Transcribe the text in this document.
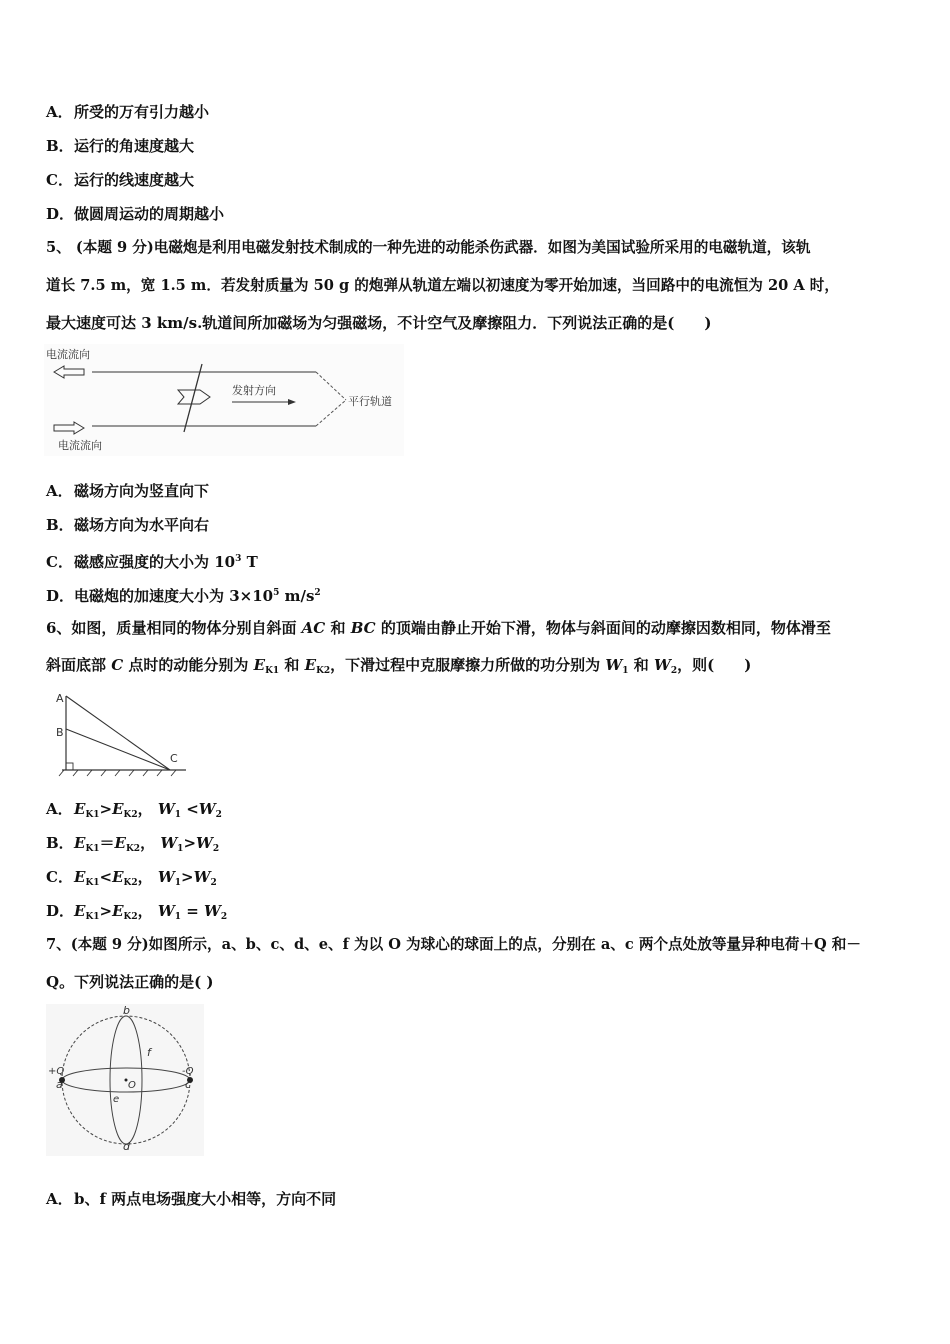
A．所受的万有引力越小
B．运行的角速度越大
C．运行的线速度越大
D．做圆周运动的周期越小
5、 (本题 9 分)电磁炮是利用电磁发射技术制成的一种先进的动能杀伤武器．如图为美国试验所采用的电磁轨道，该轨
道长 7.5 m，宽 1.5 m．若发射质量为 50 g 的炮弹从轨道左端以初速度为零开始加速，当回路中的电流恒为 20 A 时，
最大速度可达 3 km/s.轨道间所加磁场为匀强磁场，不计空气及摩擦阻力．下列说法正确的是(　　)
电流流向
发射方向
平行轨道
电流流向
A．磁场方向为竖直向下
B．磁场方向为水平向右
C．磁感应强度的大小为 $10^3$ T
D．电磁炮的加速度大小为 $3\times 10^5$ $m/s^2$
6、如图，质量相同的物体分别自斜面 AC 和 BC 的顶端由静止开始下滑，物体与斜面间的动摩擦因数相同，物体滑至
斜面底部 C 点时的动能分别为 $E_{K1}$ 和 $E_{K2}$，下滑过程中克服摩擦力所做的功分别为 $W_1$ 和 $W_2$，则(　　)
A
B
C
A．$E_{K1}>E_{K2}$， $W_1 <W_2$
B．$E_{K1}=E_{K2}$， $W_1>W_2$
C．$E_{K1}<E_{K2}$， $W_1>W_2$
D．$E_{K1}>E_{K2}$， $W_1 = W_2$
7、(本题 9 分)如图所示，a、b、c、d、e、f 为以 O 为球心的球面上的点，分别在 a、c 两个点处放等量异种电荷＋Q 和－
Q。下列说法正确的是( )
+Q
a
b
-Q
c
d
e
f
O
A．b、f 两点电场强度大小相等，方向不同
